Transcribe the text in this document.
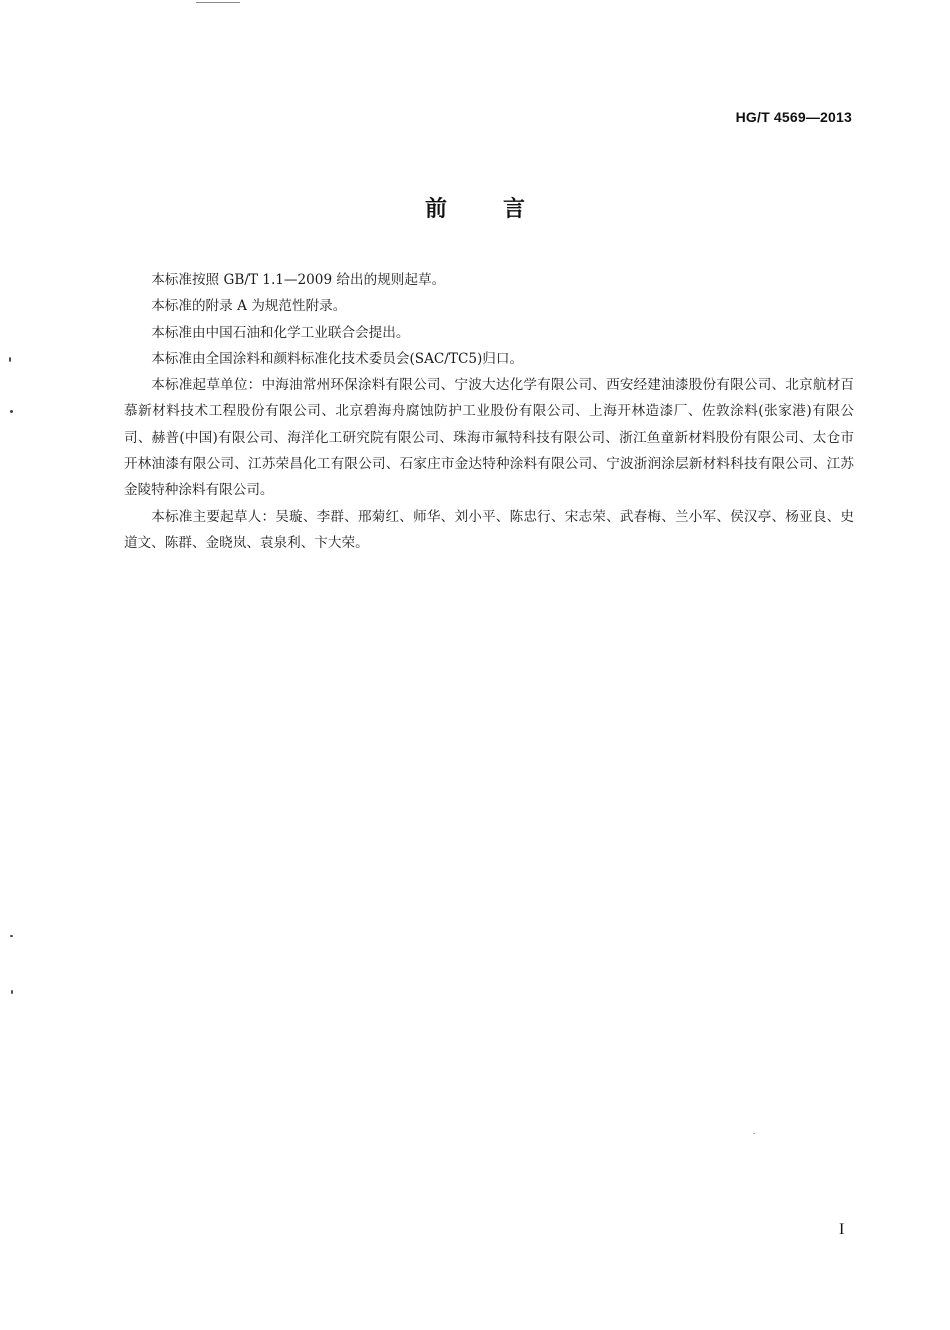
HG/T 4569—2013
前言

本标准按照 GB/T 1.1—2009 给出的规则起草。

本标准的附录 A 为规范性附录。

本标准由中国石油和化学工业联合会提出。

本标准由全国涂料和颜料标准化技术委员会(SAC/TC5)归口。

本标准起草单位：中海油常州环保涂料有限公司、宁波大达化学有限公司、西安经建油漆股份有限公司、北京航材百慕新材料技术工程股份有限公司、北京碧海舟腐蚀防护工业股份有限公司、上海开林造漆厂、佐敦涂料(张家港)有限公司、赫普(中国)有限公司、海洋化工研究院有限公司、珠海市氟特科技有限公司、浙江鱼童新材料股份有限公司、太仓市开林油漆有限公司、江苏荣昌化工有限公司、石家庄市金达特种涂料有限公司、宁波浙润涂层新材料科技有限公司、江苏金陵特种涂料有限公司。

本标准主要起草人：吴璇、李群、邢菊红、师华、刘小平、陈忠行、宋志荣、武春梅、兰小军、侯汉亭、杨亚良、史道文、陈群、金晓岚、袁泉利、卞大荣。

I
